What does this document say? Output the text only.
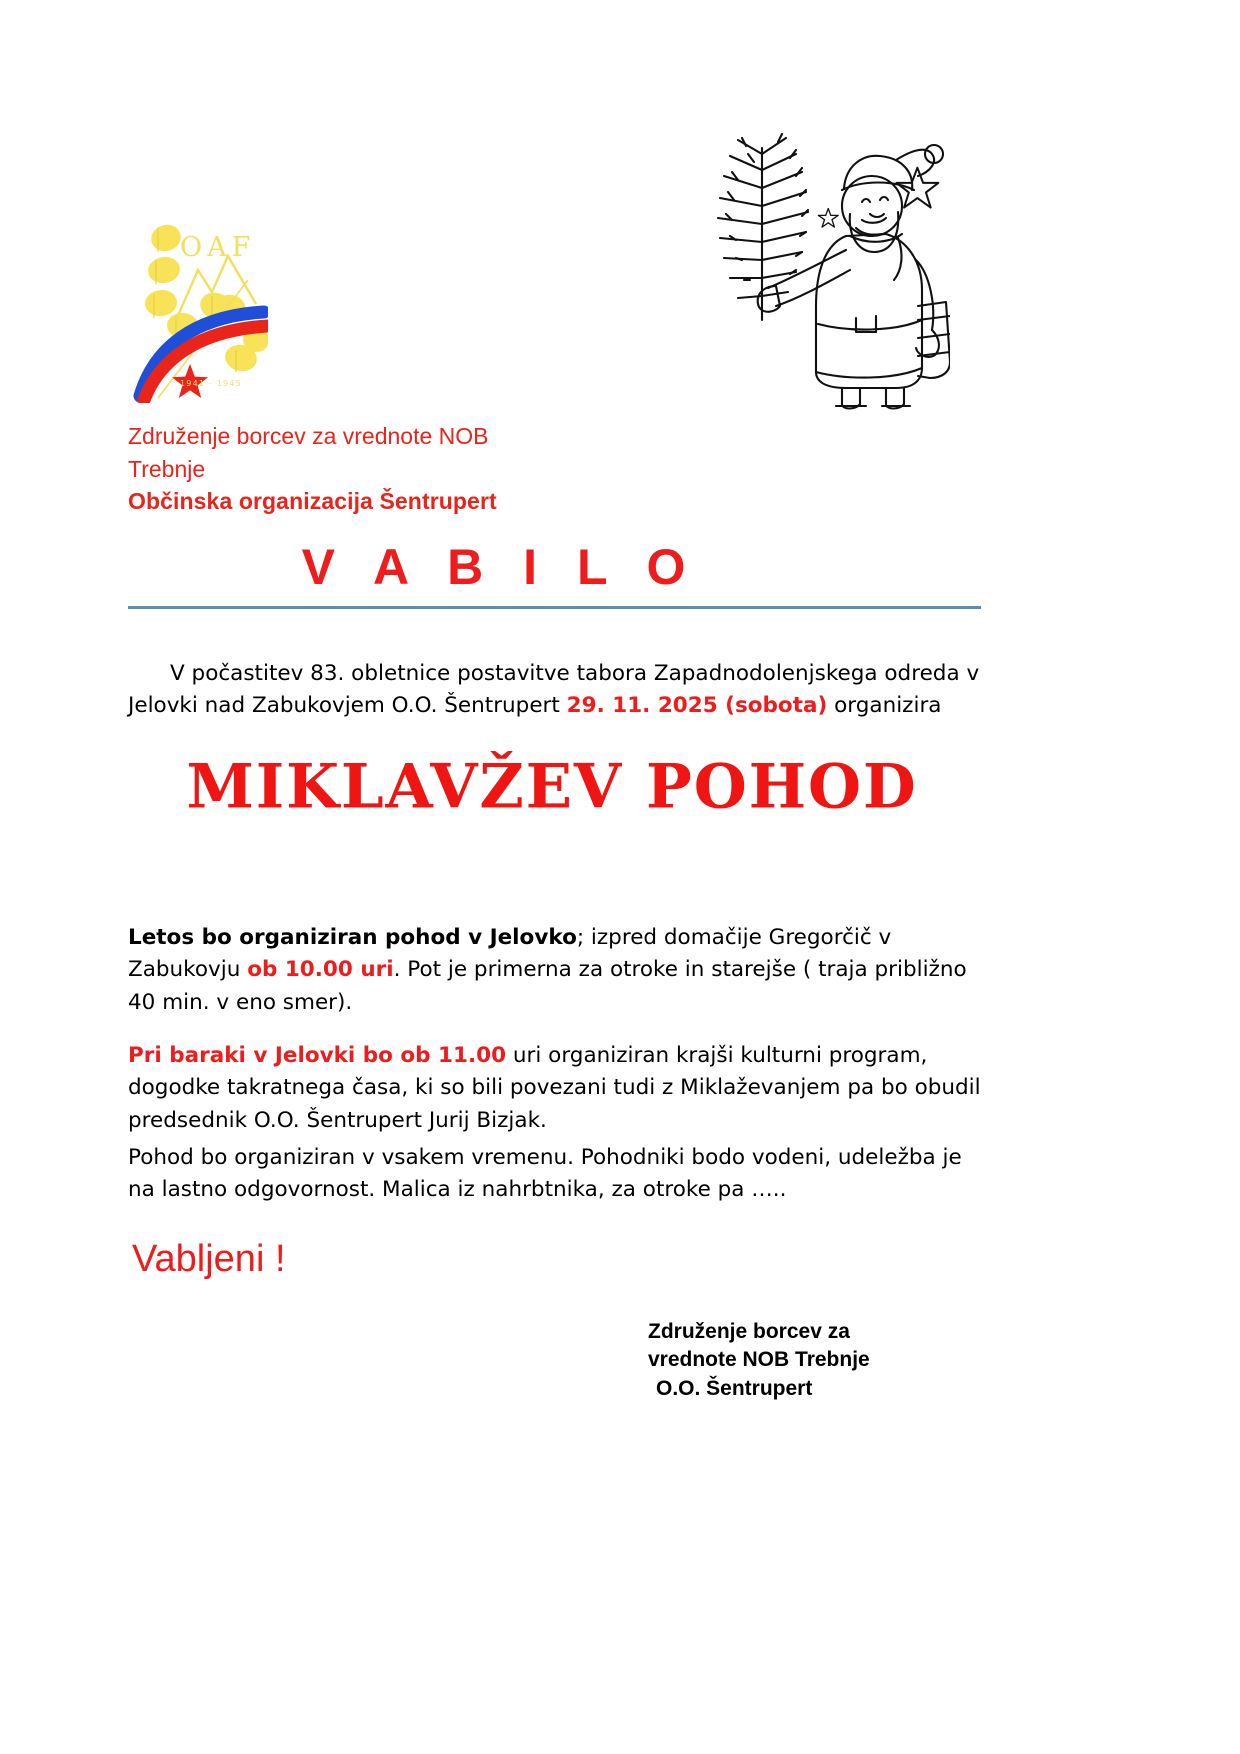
OAF
1941 - 1945
Združenje borcev za vrednote NOB
Trebnje
Občinska organizacija Šentrupert
V A B I L O

V počastitev 83. obletnice postavitve tabora Zapadnodolenjskega odreda v Jelovki nad Zabukovjem O.O. Šentrupert 29. 11. 2025 (sobota) organizira

MIKLAVŽEV POHOD

Letos bo organiziran pohod v Jelovko; izpred domačije Gregorčič v Zabukovju ob 10.00 uri. Pot je primerna za otroke in starejše ( traja približno 40 min. v eno smer).

Pri baraki v Jelovki bo ob 11.00 uri organiziran krajši kulturni program, dogodke takratnega časa, ki so bili povezani tudi z Miklaževanjem pa bo obudil predsednik O.O. Šentrupert Jurij Bizjak.

Pohod bo organiziran v vsakem vremenu. Pohodniki bodo vodeni, udeležba je na lastno odgovornost. Malica iz nahrbtnika, za otroke pa …..

Vabljeni !
Združenje borcev za
vrednote NOB Trebnje
O.O. Šentrupert
